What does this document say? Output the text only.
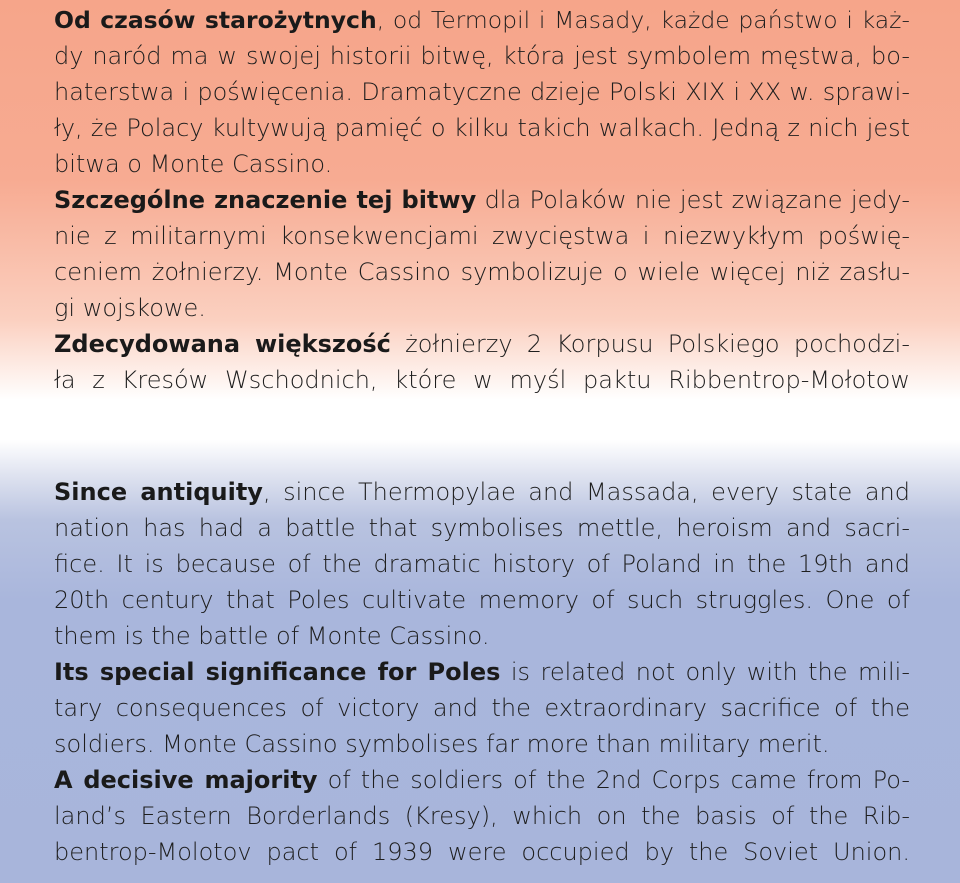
Od czasów starożytnych, od Termopil i Masady, każde państwo i każ-
dy naród ma w swojej historii bitwę, która jest symbolem męstwa, bo-
haterstwa i poświęcenia. Dramatyczne dzieje Polski XIX i XX w. sprawi-
ły, że Polacy kultywują pamięć o kilku takich walkach. Jedną z nich jest
bitwa o Monte Cassino.
Szczególne znaczenie tej bitwy dla Polaków nie jest związane jedy-
nie z militarnymi konsekwencjami zwycięstwa i niezwykłym poświę-
ceniem żołnierzy. Monte Cassino symbolizuje o wiele więcej niż zasłu-
gi wojskowe.
Zdecydowana większość żołnierzy 2 Korpusu Polskiego pochodzi-
ła z Kresów Wschodnich, które w myśl paktu Ribbentrop-Mołotow
Since antiquity, since Thermopylae and Massada, every state and
nation has had a battle that symbolises mettle, heroism and sacri-
fice. It is because of the dramatic history of Poland in the 19th and
20th century that Poles cultivate memory of such struggles. One of
them is the battle of Monte Cassino.
Its special significance for Poles is related not only with the mili-
tary consequences of victory and the extraordinary sacrifice of the
soldiers. Monte Cassino symbolises far more than military merit.
A decisive majority of the soldiers of the 2nd Corps came from Po-
land’s Eastern Borderlands (Kresy), which on the basis of the Rib-
bentrop-Molotov pact of 1939 were occupied by the Soviet Union.
